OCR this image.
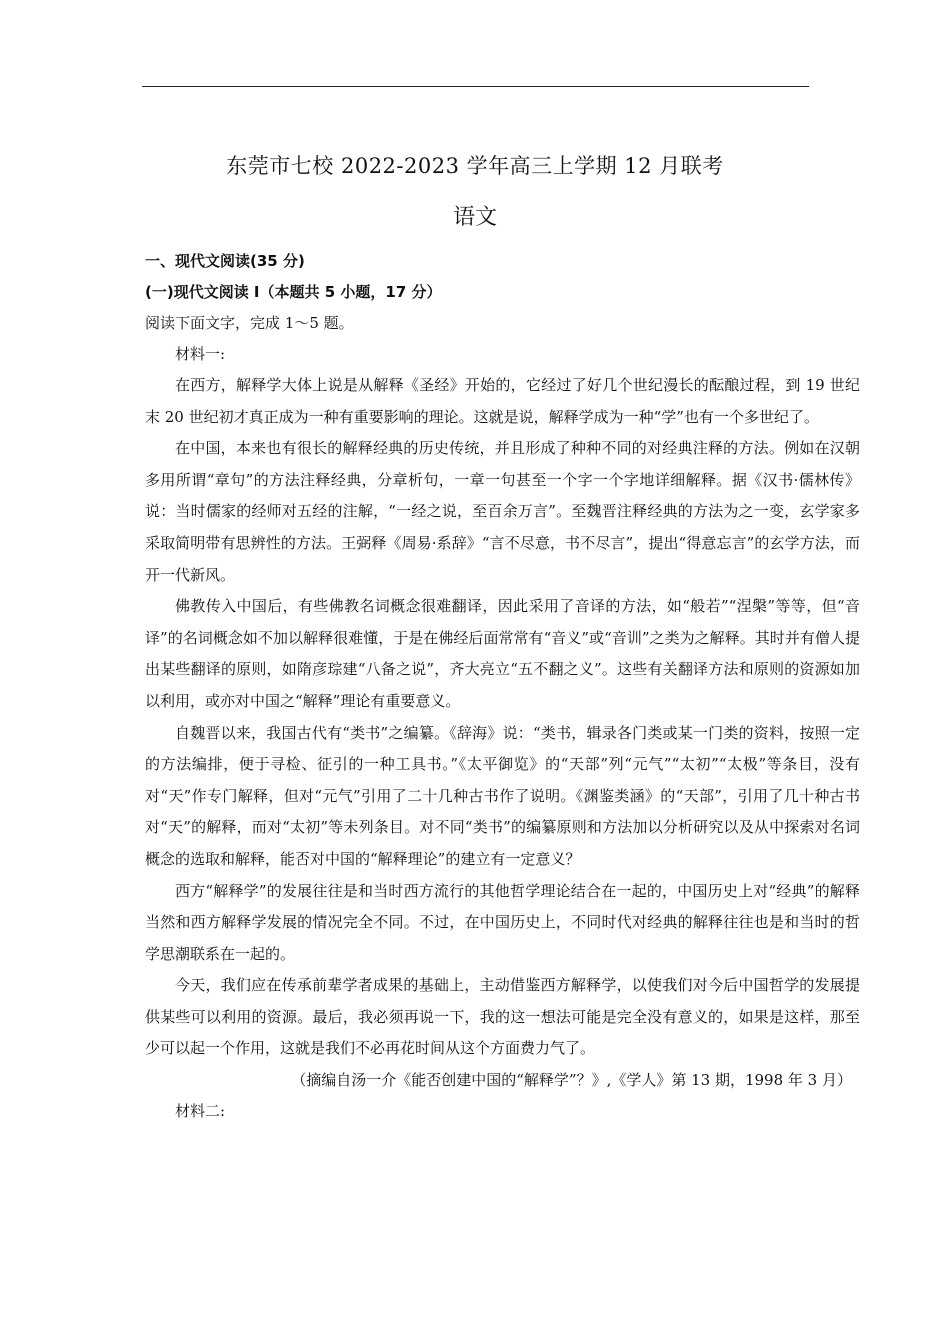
东莞市七校 2022-2023 学年高三上学期 12 月联考
语文
一、现代文阅读(35 分)
(一)现代文阅读 I（本题共 5 小题，17 分）
阅读下面文字，完成 1～5 题。
材料一:

在西方，解释学大体上说是从解释《圣经》开始的，它经过了好几个世纪漫长的酝酿过程，到 19 世纪末 20 世纪初才真正成为一种有重要影响的理论。这就是说，解释学成为一种“学”也有一个多世纪了。

在中国，本来也有很长的解释经典的历史传统，并且形成了种种不同的对经典注释的方法。例如在汉朝多用所谓“章句”的方法注释经典，分章析句，一章一句甚至一个字一个字地详细解释。据《汉书·儒林传》说：当时儒家的经师对五经的注解，“一经之说，至百余万言”。至魏晋注释经典的方法为之一变，玄学家多采取简明带有思辨性的方法。王弼释《周易·系辞》“言不尽意，书不尽言”，提出“得意忘言”的玄学方法，而开一代新风。

佛教传入中国后，有些佛教名词概念很难翻译，因此采用了音译的方法，如“般若”“涅槃”等等，但“音译”的名词概念如不加以解释很难懂，于是在佛经后面常常有“音义”或“音训”之类为之解释。其时并有僧人提出某些翻译的原则，如隋彦琮建“八备之说”，齐大亮立“五不翻之义”。这些有关翻译方法和原则的资源如加以利用，或亦对中国之“解释”理论有重要意义。

自魏晋以来，我国古代有“类书”之编纂。《辞海》说：“类书，辑录各门类或某一门类的资料，按照一定的方法编排，便于寻检、征引的一种工具书。”《太平御览》的“天部”列“元气”“太初”“太极”等条目，没有对“天”作专门解释，但对“元气”引用了二十几种古书作了说明。《渊鉴类涵》的“天部”，引用了几十种古书对“天”的解释，而对“太初”等未列条目。对不同“类书”的编纂原则和方法加以分析研究以及从中探索对名词概念的选取和解释，能否对中国的“解释理论”的建立有一定意义？

西方“解释学”的发展往往是和当时西方流行的其他哲学理论结合在一起的，中国历史上对“经典”的解释当然和西方解释学发展的情况完全不同。不过，在中国历史上，不同时代对经典的解释往往也是和当时的哲学思潮联系在一起的。

今天，我们应在传承前辈学者成果的基础上，主动借鉴西方解释学，以使我们对今后中国哲学的发展提供某些可以利用的资源。最后，我必须再说一下，我的这一想法可能是完全没有意义的，如果是这样，那至少可以起一个作用，这就是我们不必再花时间从这个方面费力气了。

（摘编自汤一介《能否创建中国的“解释学”？》,《学人》第 13 期，1998 年 3 月）
材料二:
